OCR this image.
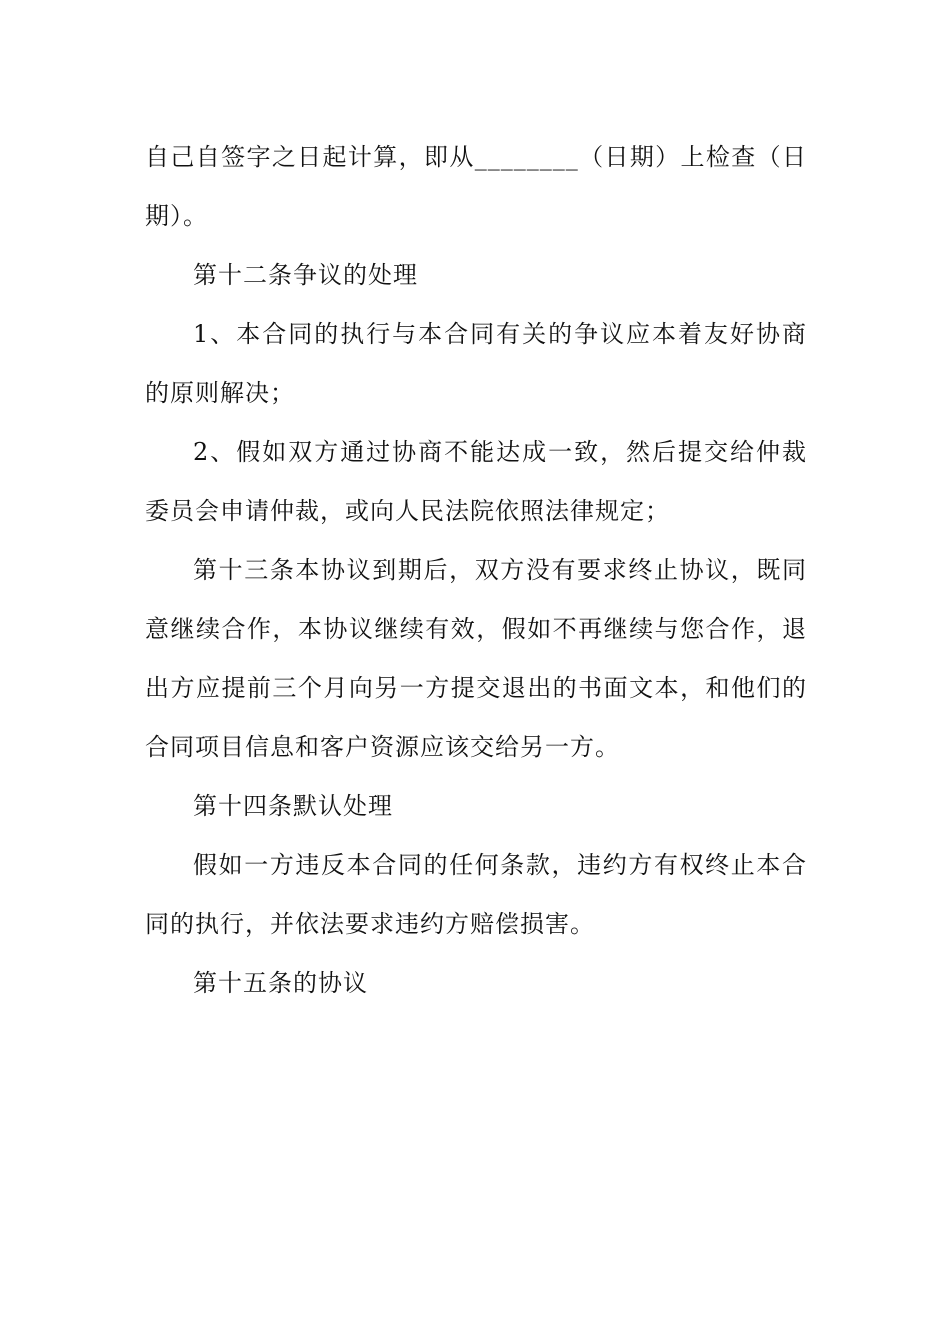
自己自签字之日起计算，即从________（日期）上检查（日期）。

第十二条争议的处理

1、本合同的执行与本合同有关的争议应本着友好协商的原则解决；

2、假如双方通过协商不能达成一致，然后提交给仲裁委员会申请仲裁，或向人民法院依照法律规定；

第十三条本协议到期后，双方没有要求终止协议，既同意继续合作，本协议继续有效，假如不再继续与您合作，退出方应提前三个月向另一方提交退出的书面文本，和他们的合同项目信息和客户资源应该交给另一方。

第十四条默认处理

假如一方违反本合同的任何条款，违约方有权终止本合同的执行，并依法要求违约方赔偿损害。

第十五条的协议
